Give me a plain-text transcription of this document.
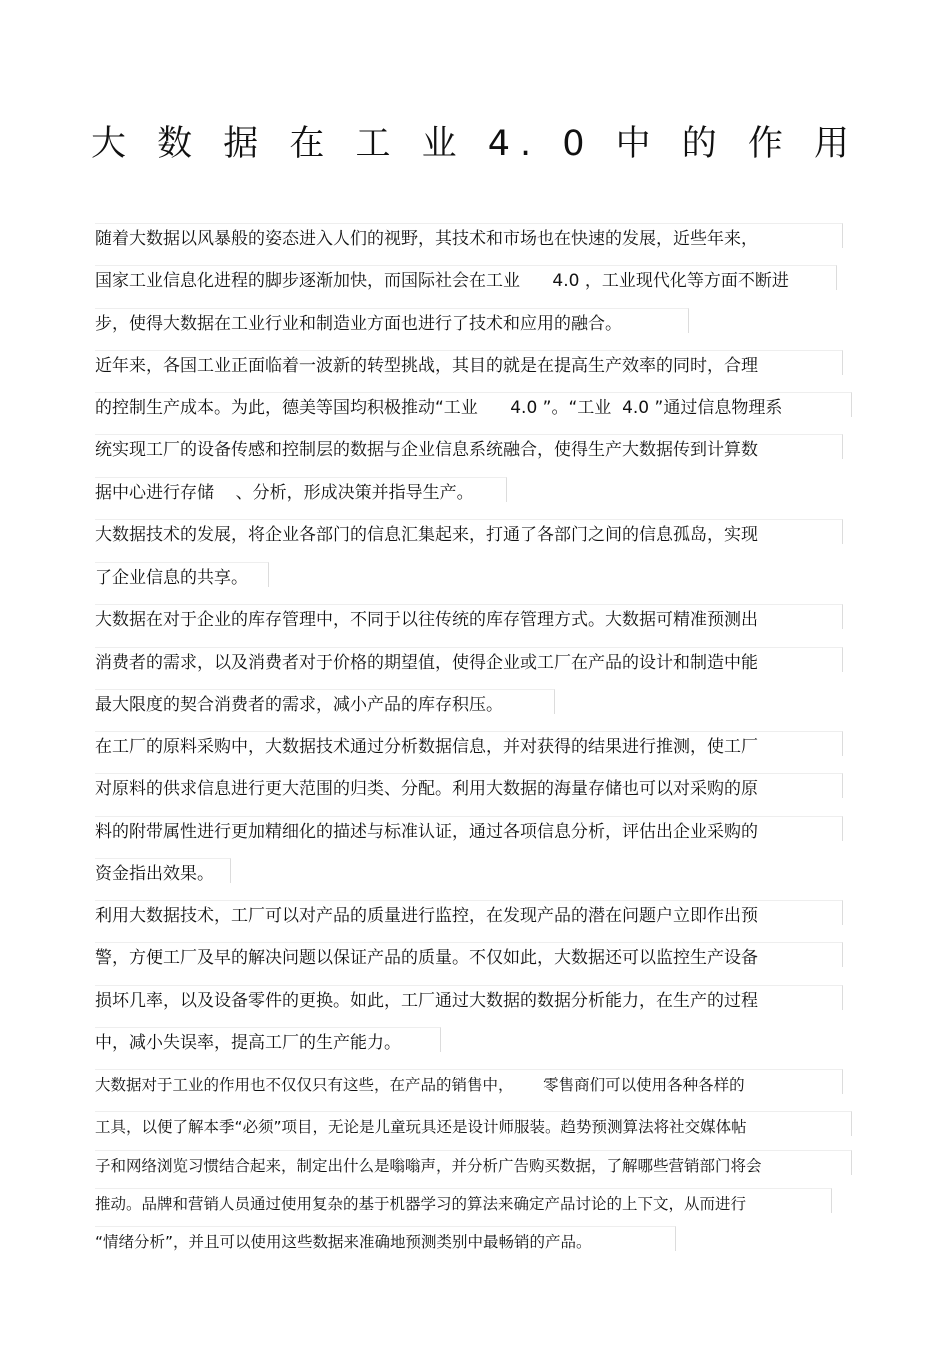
大 数 据 在 工 业 4. 0 中 的 作 用
随着大数据以风暴般的姿态进入人们的视野，其技术和市场也在快速的发展，近些年来，
国家工业信息化进程的脚步逐渐加快，而国际社会在工业      4.0 ，工业现代化等方面不断进
步，使得大数据在工业行业和制造业方面也进行了技术和应用的融合。
近年来，各国工业正面临着一波新的转型挑战，其目的就是在提高生产效率的同时，合理
的控制生产成本。为此，德美等国均积极推动“工业      4.0 ”。“工业  4.0 ”通过信息物理系
统实现工厂的设备传感和控制层的数据与企业信息系统融合，使得生产大数据传到计算数
据中心进行存储    、分析，形成决策并指导生产。
大数据技术的发展，将企业各部门的信息汇集起来，打通了各部门之间的信息孤岛，实现
了企业信息的共享。
大数据在对于企业的库存管理中，不同于以往传统的库存管理方式。大数据可精准预测出
消费者的需求，以及消费者对于价格的期望值，使得企业或工厂在产品的设计和制造中能
最大限度的契合消费者的需求，减小产品的库存积压。
在工厂的原料采购中，大数据技术通过分析数据信息，并对获得的结果进行推测，使工厂
对原料的供求信息进行更大范围的归类、分配。利用大数据的海量存储也可以对采购的原
料的附带属性进行更加精细化的描述与标准认证，通过各项信息分析，评估出企业采购的
资金指出效果。
利用大数据技术，工厂可以对产品的质量进行监控，在发现产品的潜在问题户立即作出预
警，方便工厂及早的解决问题以保证产品的质量。不仅如此，大数据还可以监控生产设备
损坏几率，以及设备零件的更换。如此，工厂通过大数据的数据分析能力，在生产的过程
中，减小失误率，提高工厂的生产能力。
大数据对于工业的作用也不仅仅只有这些，在产品的销售中，      零售商们可以使用各种各样的
工具，以便了解本季“必须”项目，无论是儿童玩具还是设计师服装。趋势预测算法将社交媒体帖
子和网络浏览习惯结合起来，制定出什么是嗡嗡声，并分析广告购买数据，了解哪些营销部门将会
推动。品牌和营销人员通过使用复杂的基于机器学习的算法来确定产品讨论的上下文，从而进行
“情绪分析”，并且可以使用这些数据来准确地预测类别中最畅销的产品。
